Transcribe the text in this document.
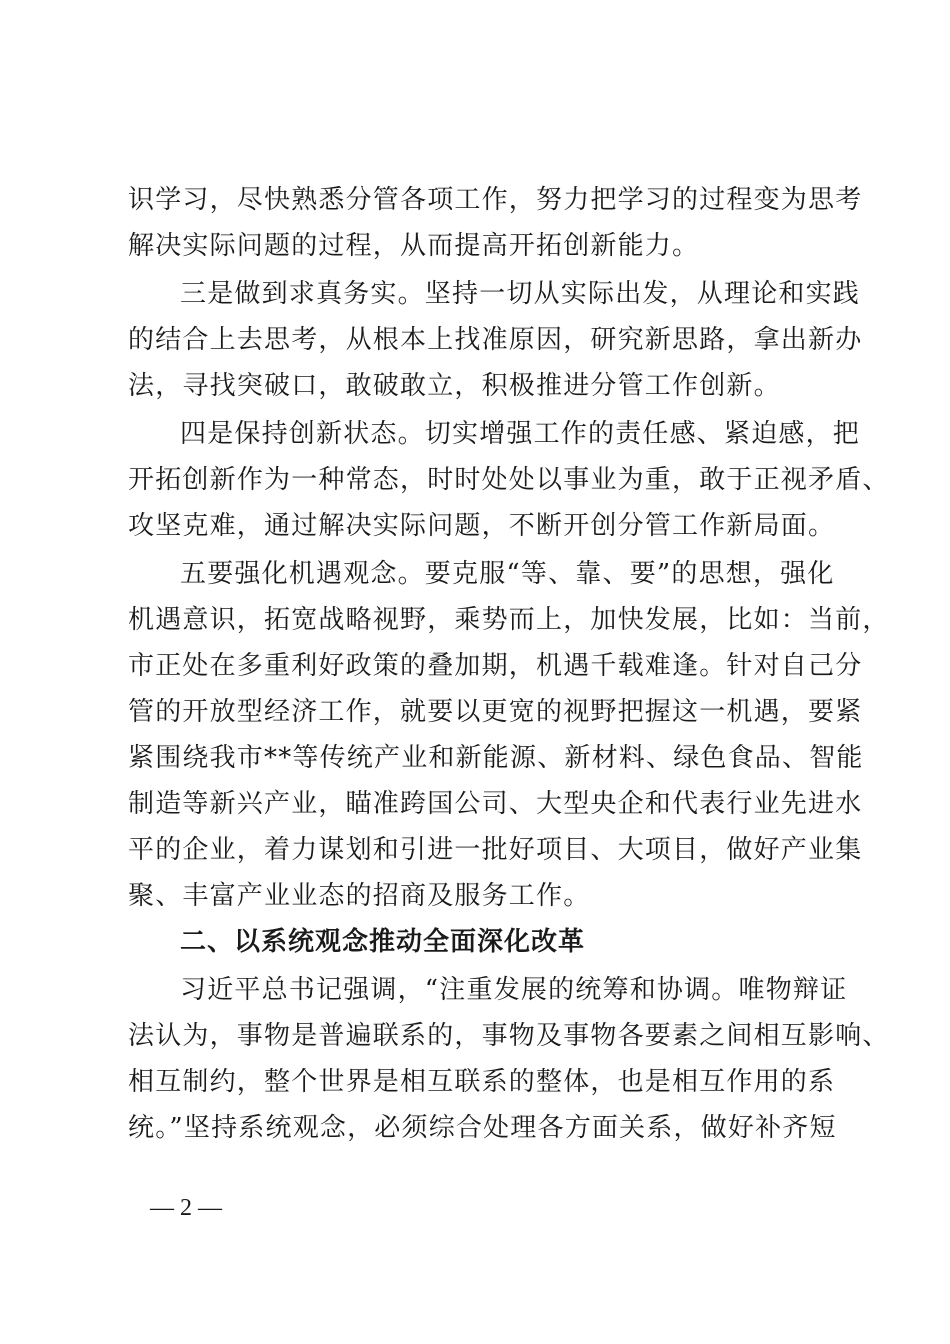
识学习，尽快熟悉分管各项工作，努力把学习的过程变为思考
解决实际问题的过程，从而提高开拓创新能力。
三是做到求真务实。坚持一切从实际出发，从理论和实践
的结合上去思考，从根本上找准原因，研究新思路，拿出新办
法，寻找突破口，敢破敢立，积极推进分管工作创新。
四是保持创新状态。切实增强工作的责任感、紧迫感，把
开拓创新作为一种常态，时时处处以事业为重，敢于正视矛盾、
攻坚克难，通过解决实际问题，不断开创分管工作新局面。
五要强化机遇观念。要克服“等、靠、要”的思想，强化
机遇意识，拓宽战略视野，乘势而上，加快发展，比如：当前，
市正处在多重利好政策的叠加期，机遇千载难逢。针对自己分
管的开放型经济工作，就要以更宽的视野把握这一机遇，要紧
紧围绕我市**等传统产业和新能源、新材料、绿色食品、智能
制造等新兴产业，瞄准跨国公司、大型央企和代表行业先进水
平的企业，着力谋划和引进一批好项目、大项目，做好产业集
聚、丰富产业业态的招商及服务工作。
二、以系统观念推动全面深化改革
习近平总书记强调，“注重发展的统筹和协调。唯物辩证
法认为，事物是普遍联系的，事物及事物各要素之间相互影响、
相互制约，整个世界是相互联系的整体，也是相互作用的系
统。”坚持系统观念，必须综合处理各方面关系，做好补齐短
— 2 —
